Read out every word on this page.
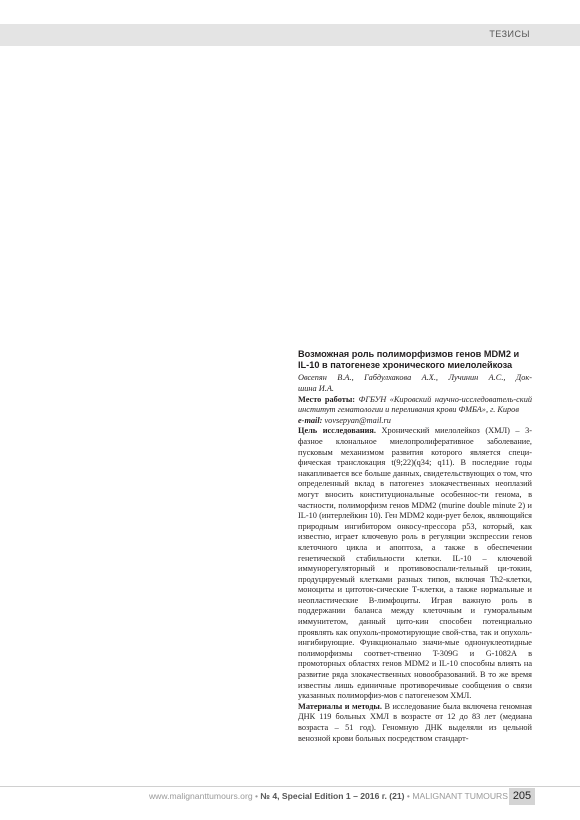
ТЕЗИСЫ
Возможная роль полиморфизмов генов MDM2 и IL-10 в патогенезе хронического миелолейкоза
Овсепян В.А., Габдулхакова А.Х., Лучинин А.С., Док-
шина И.А.

Место работы: ФГБУН «Кировский научно-исследователь-ский институт гематологии и переливания крови ФМБА», г. Киров

e-mail: vovsepyan@mail.ru

Цель исследования. Хронический миелолейкоз (ХМЛ) – 3-фазное клональное миелопролиферативное заболевание, пусковым механизмом развития которого является специ-фическая транслокация t(9;22)(q34; q11). В последние годы накапливается все больше данных, свидетельствующих о том, что определенный вклад в патогенез злокачественных неоплазий могут вносить конституциональные особеннос-ти генома, в частности, полиморфизм генов MDM2 (murine double minute 2) и IL-10 (интерлейкин 10). Ген MDM2 коди-рует белок, являющийся природным ингибитором онкосу-прессора p53, который, как известно, играет ключевую роль в регуляции экспрессии генов клеточного цикла и апоптоза, а также в обеспечении генетической стабильности клетки. IL-10 – ключевой иммунорегуляторный и противовоспали-тельный ци-токин, продуцируемый клетками разных типов, включая Th2-клетки, моноциты и цитоток-сические Т-клетки, а также нормальные и неопластические В-лимфоциты. Играя важную роль в поддержании баланса между клеточным и гуморальным иммунитетом, данный цито-кин способен потенциально проявлять как опухоль-промотирующие свой-ства, так и опухоль-ингибирующие. Функционально значи-мые однонуклеотидные полиморфизмы соответ-ственно T-309G и G-1082A в промоторных областях генов MDM2 и IL-10 способны влиять на развитие ряда злокачественных новообразований. В то же время известны лишь единичные противоречивые сообщения о связи указанных полиморфиз-мов с патогенезом ХМЛ.

Материалы и методы. В исследование была включена геномная ДНК 119 больных ХМЛ в возрасте от 12 до 83 лет (медиана возраста – 51 год). Геномную ДНК выделяли из цельной венозной крови больных посредством стандарт-

www.malignanttumours.org • № 4, Special Edition 1 – 2016 г. (21) • MALIGNANT TUMOURS 205
